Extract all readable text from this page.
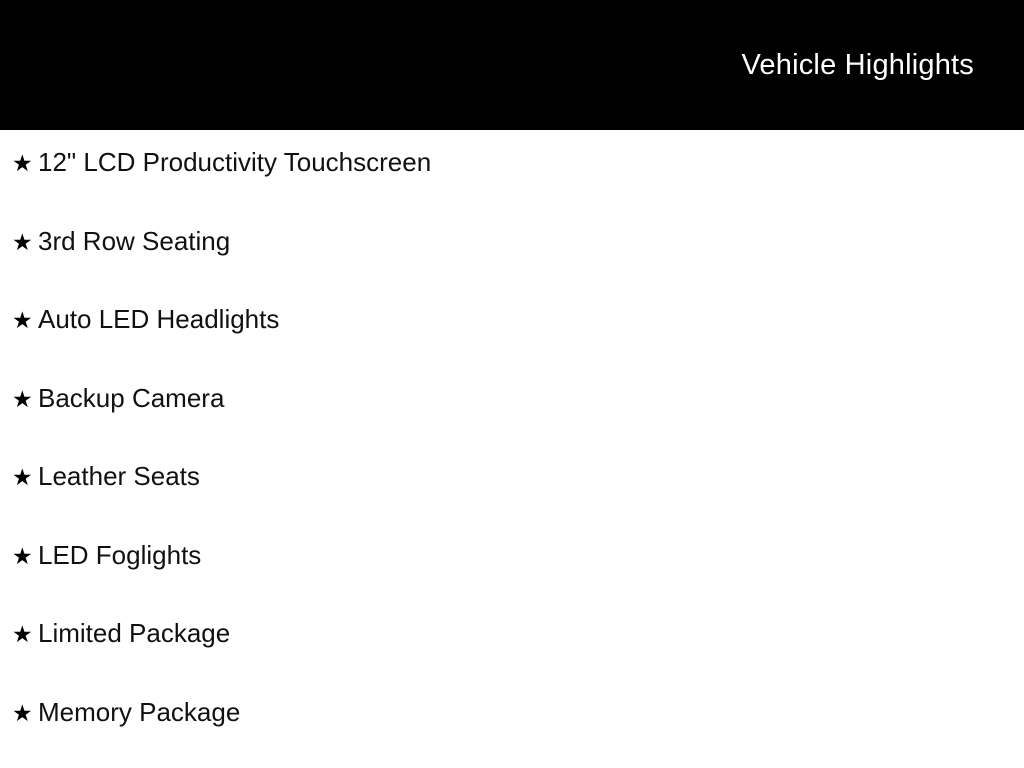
Vehicle Highlights
★ 12" LCD Productivity Touchscreen
★ 3rd Row Seating
★ Auto LED Headlights
★ Backup Camera
★ Leather Seats
★ LED Foglights
★ Limited Package
★ Memory Package
